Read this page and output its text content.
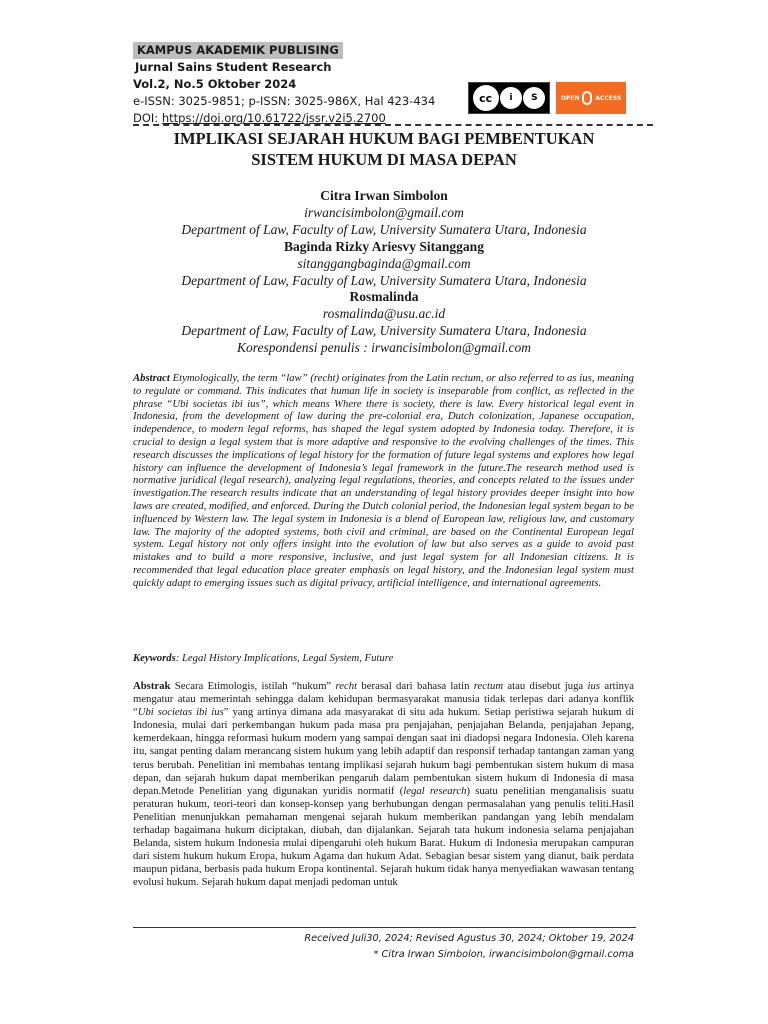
KAMPUS AKADEMIK PUBLISING
Jurnal Sains Student Research
Vol.2, No.5 Oktober 2024
e-ISSN: 3025-9851; p-ISSN: 3025-986X, Hal 423-434
DOI: https://doi.org/10.61722/jssr.v2i5.2700
cc	i	S	OPEN	ACCESS
IMPLIKASI SEJARAH HUKUM BAGI PEMBENTUKAN
SISTEM HUKUM DI MASA DEPAN
Citra Irwan Simbolon
irwancisimbolon@gmail.com
Department of Law, Faculty of Law, University Sumatera Utara, Indonesia
Baginda Rizky Ariesvy Sitanggang
sitanggangbaginda@gmail.com
Department of Law, Faculty of Law, University Sumatera Utara, Indonesia
Rosmalinda
rosmalinda@usu.ac.id
Department of Law, Faculty of Law, University Sumatera Utara, Indonesia
Korespondensi penulis : irwancisimbolon@gmail.com
Abstract Etymologically, the term “law” (recht) originates from the Latin rectum, or also referred to as ius, meaning to regulate or command. This indicates that human life in society is inseparable from conflict, as reflected in the phrase “Ubi societas ibi ius”, which means Where there is society, there is law. Every historical legal event in Indonesia, from the development of law during the pre-colonial era, Dutch colonization, Japanese occupation, independence, to modern legal reforms, has shaped the legal system adopted by Indonesia today. Therefore, it is crucial to design a legal system that is more adaptive and responsive to the evolving challenges of the times. This research discusses the implications of legal history for the formation of future legal systems and explores how legal history can influence the development of Indonesia’s legal framework in the future.The research method used is normative juridical (legal research), analyzing legal regulations, theories, and concepts related to the issues under investigation.The research results indicate that an understanding of legal history provides deeper insight into how laws are created, modified, and enforced. During the Dutch colonial period, the Indonesian legal system began to be influenced by Western law. The legal system in Indonesia is a blend of European law, religious law, and customary law. The majority of the adopted systems, both civil and criminal, are based on the Continental European legal system. Legal history not only offers insight into the evolution of law but also serves as a guide to avoid past mistakes and to build a more responsive, inclusive, and just legal system for all Indonesian citizens. It is recommended that legal education place greater emphasis on legal history, and the Indonesian legal system must quickly adapt to emerging issues such as digital privacy, artificial intelligence, and international agreements.
Keywords: Legal History Implications, Legal System, Future
Abstrak Secara Etimologis, istilah “hukum” recht berasal dari bahasa latin rectum atau disebut juga ius artinya mengatur atau memerintah sehingga dalam kehidupan bermasyarakat manusia tidak terlepas dari adanya konflik “Ubi societas ibi ius” yang artinya dimana ada masyarakat di situ ada hukum. Setiap peristiwa sejarah hukum di Indonesia, mulai dari perkembangan hukum pada masa pra penjajahan, penjajahan Belanda, penjajahan Jepang, kemerdekaan, hingga reformasi hukum modern yang sampai dengan saat ini diadopsi negara Indonesia. Oleh karena itu, sangat penting dalam merancang sistem hukum yang lebih adaptif dan responsif terhadap tantangan zaman yang terus berubah. Penelitian ini membahas tentang implikasi sejarah hukum bagi pembentukan sistem hukum di masa depan, dan sejarah hukum dapat memberikan pengaruh dalam pembentukan sistem hukum di Indonesia di masa depan.Metode Penelitian yang digunakan yuridis normatif (legal research) suatu penelitian menganalisis suatu peraturan hukum, teori-teori dan konsep-konsep yang berhubungan dengan permasalahan yang penulis teliti.Hasil Penelitian menunjukkan pemahaman mengenai sejarah hukum memberikan pandangan yang lebih mendalam terhadap bagaimana hukum diciptakan, diubah, dan dijalankan. Sejarah tata hukum indonesia selama penjajahan Belanda, sistem hukum Indonesia mulai dipengaruhi oleh hukum Barat. Hukum di Indonesia merupakan campuran dari sistem hukum hukum Eropa, hukum Agama dan hukum Adat. Sebagian besar sistem yang dianut, baik perdata maupun pidana, berbasis pada hukum Eropa kontinental. Sejarah hukum tidak hanya menyediakan wawasan tentang evolusi hukum. Sejarah hukum dapat menjadi pedoman untuk
Received Juli30, 2024; Revised Agustus 30, 2024; Oktober 19, 2024
* Citra Irwan Simbolon, irwancisimbolon@gmail.coma
